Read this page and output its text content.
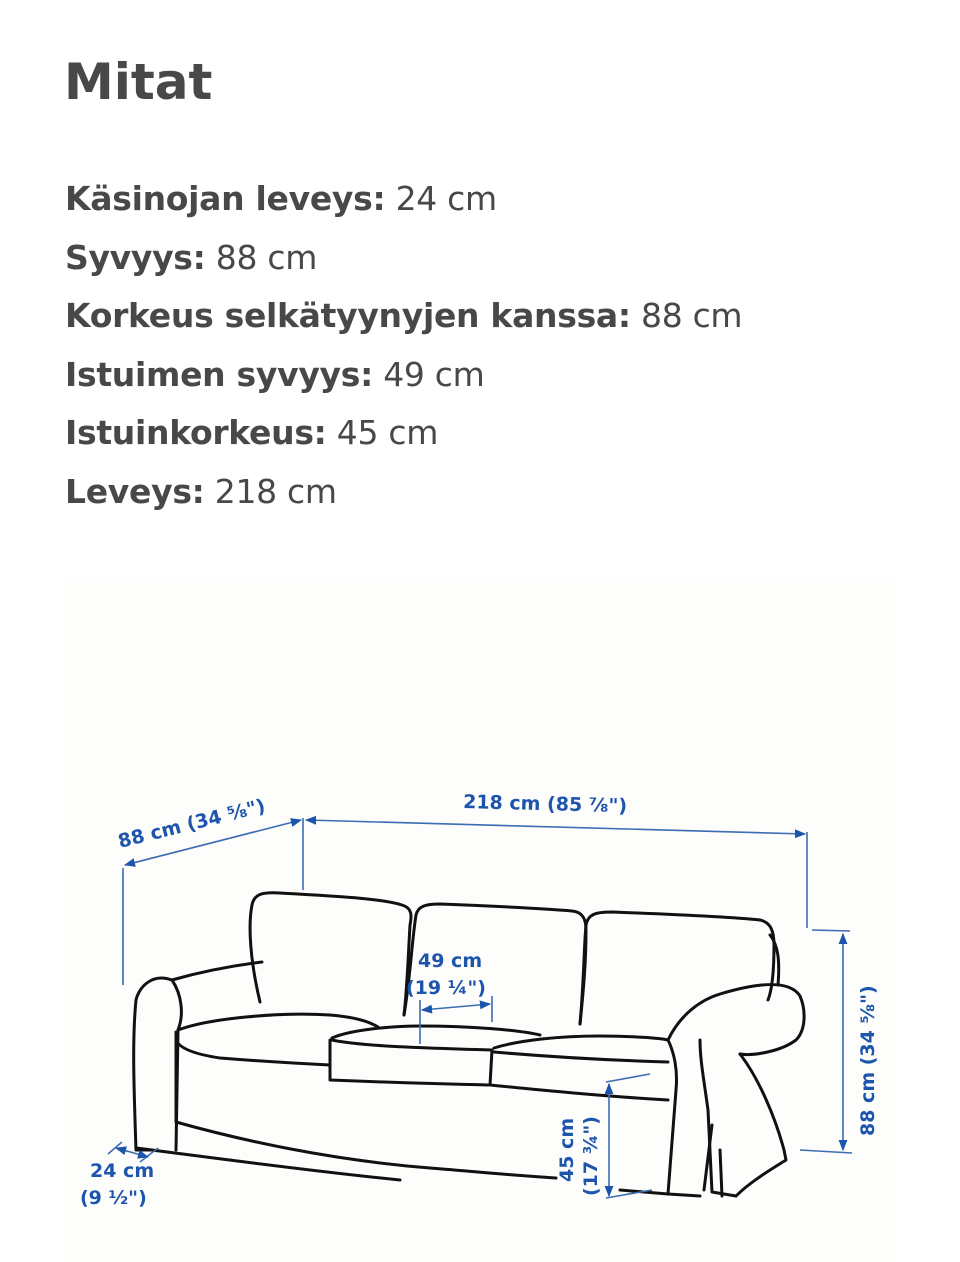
Mitat
Käsinojan leveys: 24 cm
Syvyys: 88 cm
Korkeus selkätyynyjen kanssa: 88 cm
Istuimen syvyys: 49 cm
Istuinkorkeus: 45 cm
Leveys: 218 cm
88 cm (34 ⅝")	218 cm (85 ⅞")
49 cm
(19 ¼")	88 cm (34 ⅝")
45 cm (17 ¾")
24 cm
(9 ½")
